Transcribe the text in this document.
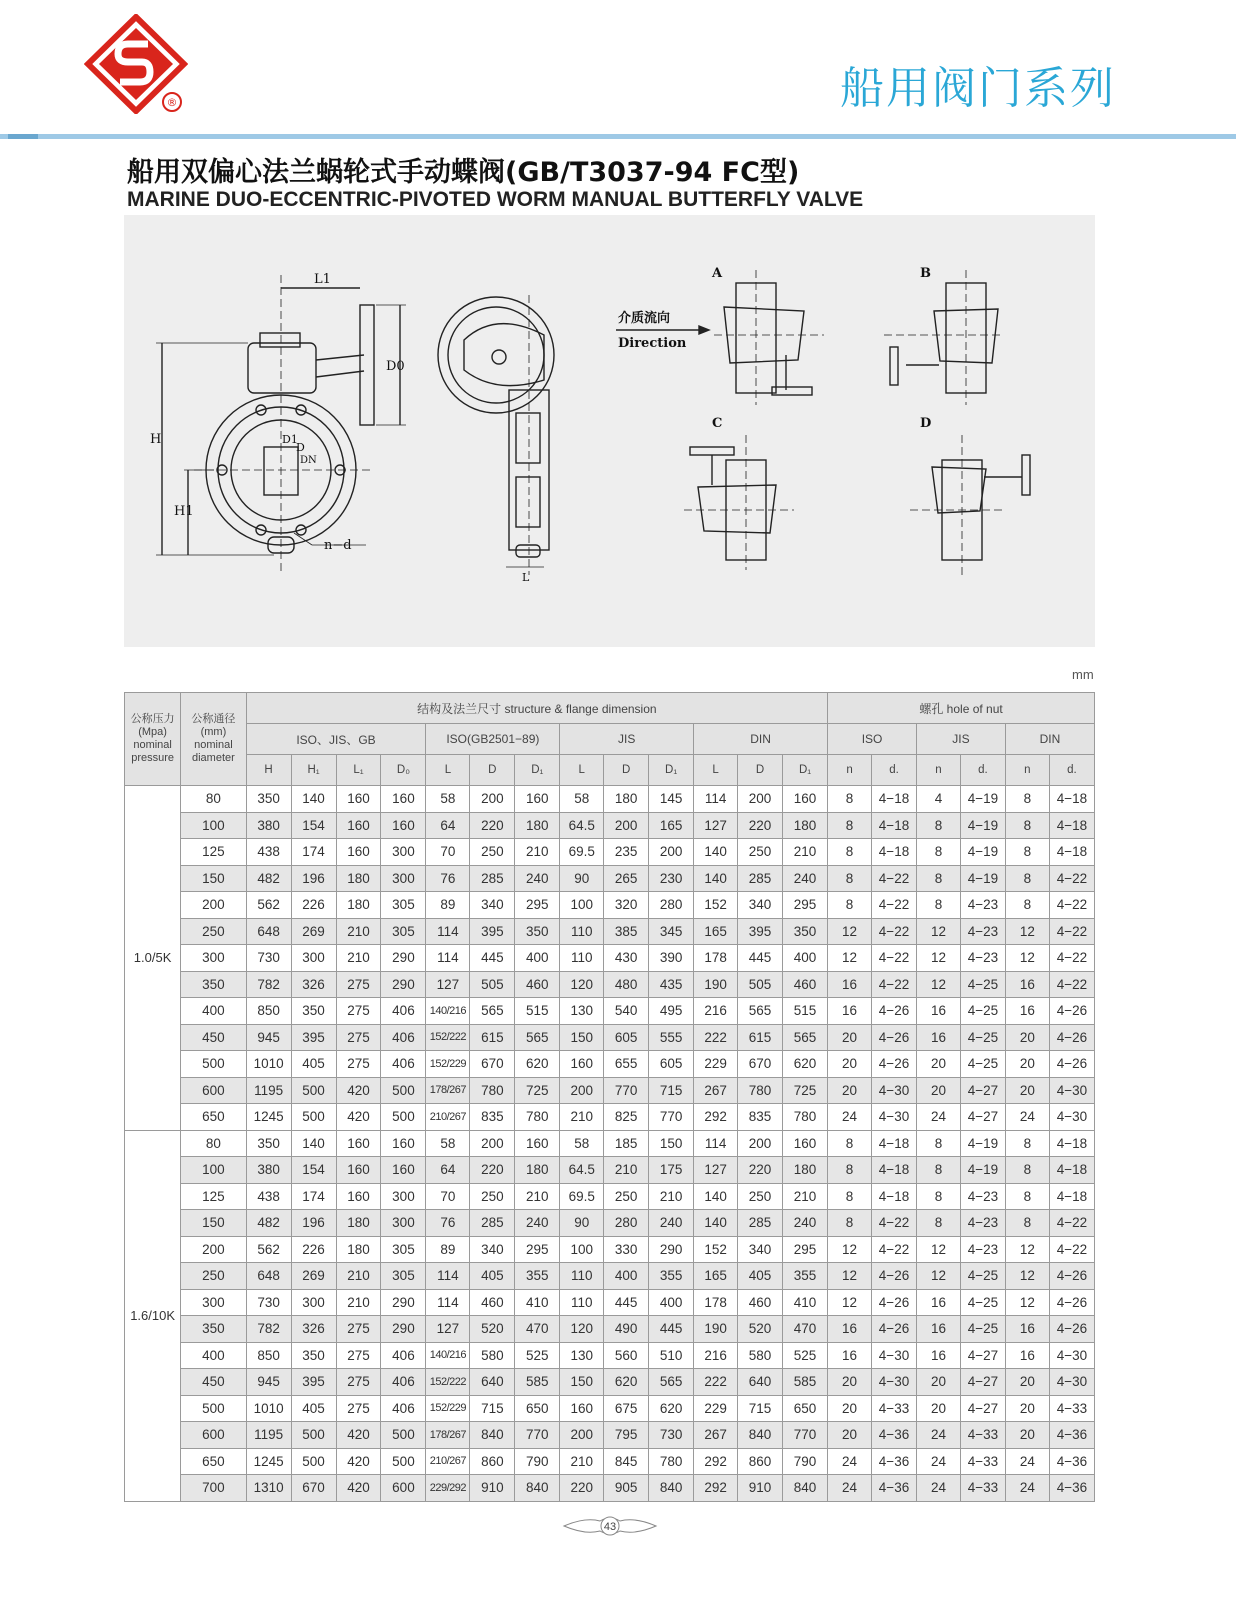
®	船用阀门系列
船用双偏心法兰蜗轮式手动蝶阀(GB/T3037-94 FC型)
MARINE DUO-ECCENTRIC-PIVOTED WORM MANUAL BUTTERFLY VALVE
L1
D0
H
H1
D1
D
DN
n−d
L
介质流向
Direction
A	B
C	D
mm
公称压力
(Mpa)
nominal
pressure	公称通径
(mm)
nominal
diameter	结构及法兰尺寸 structure & flange dimension													螺孔 hole of nut					
		ISO、JIS、GB				ISO(GB2501−89)			JIS			DIN			ISO		JIS		DIN	
		H	H₁	L₁	D₀	L	D	D₁	L	D	D₁	L	D	D₁	n	d.	n	d.	n	d.
1.0/5K	80	350	140	160	160	58	200	160	58	180	145	114	200	160	8	4−18	4	4−19	8	4−18
	100	380	154	160	160	64	220	180	64.5	200	165	127	220	180	8	4−18	8	4−19	8	4−18
	125	438	174	160	300	70	250	210	69.5	235	200	140	250	210	8	4−18	8	4−19	8	4−18
	150	482	196	180	300	76	285	240	90	265	230	140	285	240	8	4−22	8	4−19	8	4−22
	200	562	226	180	305	89	340	295	100	320	280	152	340	295	8	4−22	8	4−23	8	4−22
	250	648	269	210	305	114	395	350	110	385	345	165	395	350	12	4−22	12	4−23	12	4−22
	300	730	300	210	290	114	445	400	110	430	390	178	445	400	12	4−22	12	4−23	12	4−22
	350	782	326	275	290	127	505	460	120	480	435	190	505	460	16	4−22	12	4−25	16	4−22
	400	850	350	275	406	140/216	565	515	130	540	495	216	565	515	16	4−26	16	4−25	16	4−26
	450	945	395	275	406	152/222	615	565	150	605	555	222	615	565	20	4−26	16	4−25	20	4−26
	500	1010	405	275	406	152/229	670	620	160	655	605	229	670	620	20	4−26	20	4−25	20	4−26
	600	1195	500	420	500	178/267	780	725	200	770	715	267	780	725	20	4−30	20	4−27	20	4−30
	650	1245	500	420	500	210/267	835	780	210	825	770	292	835	780	24	4−30	24	4−27	24	4−30
1.6/10K	80	350	140	160	160	58	200	160	58	185	150	114	200	160	8	4−18	8	4−19	8	4−18
	100	380	154	160	160	64	220	180	64.5	210	175	127	220	180	8	4−18	8	4−19	8	4−18
	125	438	174	160	300	70	250	210	69.5	250	210	140	250	210	8	4−18	8	4−23	8	4−18
	150	482	196	180	300	76	285	240	90	280	240	140	285	240	8	4−22	8	4−23	8	4−22
	200	562	226	180	305	89	340	295	100	330	290	152	340	295	12	4−22	12	4−23	12	4−22
	250	648	269	210	305	114	405	355	110	400	355	165	405	355	12	4−26	12	4−25	12	4−26
	300	730	300	210	290	114	460	410	110	445	400	178	460	410	12	4−26	16	4−25	12	4−26
	350	782	326	275	290	127	520	470	120	490	445	190	520	470	16	4−26	16	4−25	16	4−26
	400	850	350	275	406	140/216	580	525	130	560	510	216	580	525	16	4−30	16	4−27	16	4−30
	450	945	395	275	406	152/222	640	585	150	620	565	222	640	585	20	4−30	20	4−27	20	4−30
	500	1010	405	275	406	152/229	715	650	160	675	620	229	715	650	20	4−33	20	4−27	20	4−33
	600	1195	500	420	500	178/267	840	770	200	795	730	267	840	770	20	4−36	24	4−33	20	4−36
	650	1245	500	420	500	210/267	860	790	210	845	780	292	860	790	24	4−36	24	4−33	24	4−36
	700	1310	670	420	600	229/292	910	840	220	905	840	292	910	840	24	4−36	24	4−33	24	4−36
43
